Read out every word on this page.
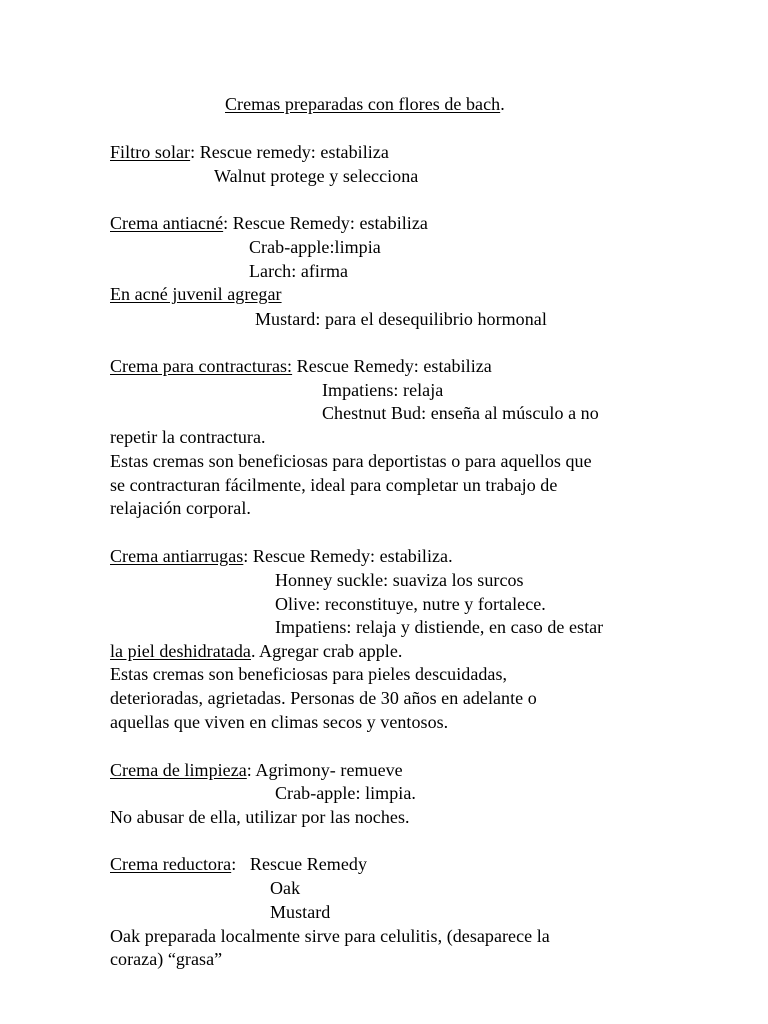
Cremas preparadas con flores de bach.
Filtro solar: Rescue remedy: estabiliza
Walnut protege y selecciona
Crema antiacné: Rescue Remedy: estabiliza
Crab-apple:limpia
Larch: afirma
En acné juvenil agregar
Mustard: para el desequilibrio hormonal
Crema para contracturas: Rescue Remedy: estabiliza
Impatiens: relaja
Chestnut Bud: enseña al músculo a no
repetir la contractura.
Estas cremas son beneficiosas para deportistas o para aquellos que
se contracturan fácilmente, ideal para completar un trabajo de
relajación corporal.
Crema antiarrugas: Rescue Remedy: estabiliza.
Honney suckle: suaviza los surcos
Olive: reconstituye, nutre y fortalece.
Impatiens: relaja y distiende, en caso de estar
la piel deshidratada. Agregar crab apple.
Estas cremas son beneficiosas para pieles descuidadas,
deterioradas, agrietadas. Personas de 30 años en adelante o
aquellas que viven en climas secos y ventosos.
Crema de limpieza: Agrimony- remueve
Crab-apple: limpia.
No abusar de ella, utilizar por las noches.
Crema reductora:   Rescue Remedy
Oak
Mustard
Oak preparada localmente sirve para celulitis, (desaparece la
coraza) “grasa”
